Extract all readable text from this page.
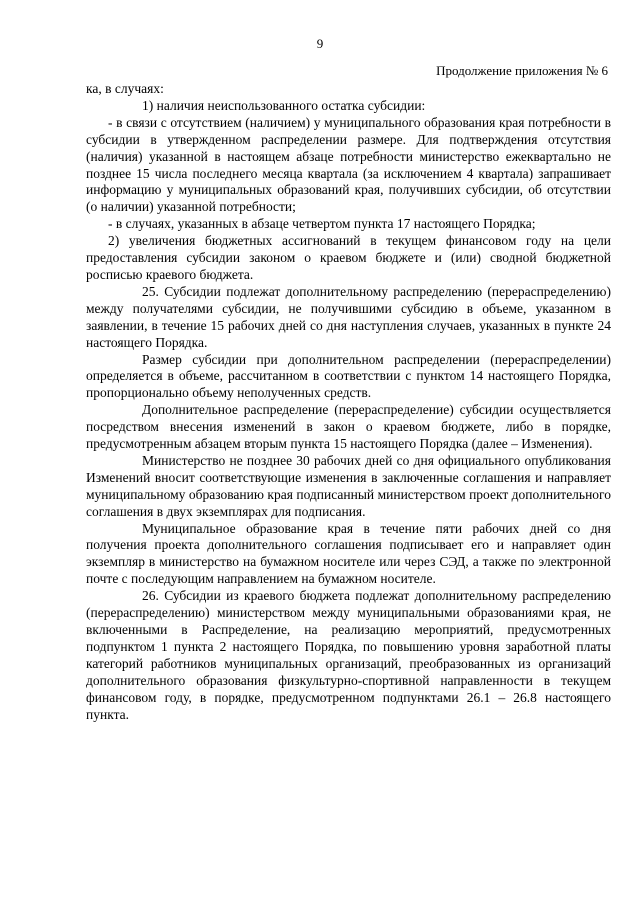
9
Продолжение приложения № 6

ка, в случаях:

1) наличия неиспользованного остатка субсидии:

- в связи с отсутствием (наличием) у муниципального образования края потребности в субсидии в утвержденном распределении размере. Для подтверждения отсутствия (наличия) указанной в настоящем абзаце потребности министерство ежеквартально не позднее 15 числа последнего месяца квартала (за исключением 4 квартала) запрашивает информацию у муниципальных образований края, получивших субсидии, об отсутствии (о наличии) указанной потребности;

- в случаях, указанных в абзаце четвертом пункта 17 настоящего Порядка;

2) увеличения бюджетных ассигнований в текущем финансовом году на цели предоставления субсидии законом о краевом бюджете и (или) сводной бюджетной росписью краевого бюджета.

25. Субсидии подлежат дополнительному распределению (перераспределению) между получателями субсидии, не получившими субсидию в объеме, указанном в заявлении, в течение 15 рабочих дней со дня наступления случаев, указанных в пункте 24 настоящего Порядка.

Размер субсидии при дополнительном распределении (перераспределении) определяется в объеме, рассчитанном в соответствии с пунктом 14 настоящего Порядка, пропорционально объему неполученных средств.

Дополнительное распределение (перераспределение) субсидии осуществляется посредством внесения изменений в закон о краевом бюджете, либо в порядке, предусмотренным абзацем вторым пункта 15 настоящего Порядка (далее – Изменения).

Министерство не позднее 30 рабочих дней со дня официального опубликования Изменений вносит соответствующие изменения в заключенные соглашения и направляет муниципальному образованию края подписанный министерством проект дополнительного соглашения в двух экземплярах для подписания.

Муниципальное образование края в течение пяти рабочих дней со дня получения проекта дополнительного соглашения подписывает его и направляет один экземпляр в министерство на бумажном носителе или через СЭД, а также по электронной почте с последующим направлением на бумажном носителе.

26. Субсидии из краевого бюджета подлежат дополнительному распределению (перераспределению) министерством между муниципальными образованиями края, не включенными в Распределение, на реализацию мероприятий, предусмотренных подпунктом 1 пункта 2 настоящего Порядка, по повышению уровня заработной платы категорий работников муниципальных организаций, преобразованных из организаций дополнительного образования физкультурно-спортивной направленности в текущем финансовом году, в порядке, предусмотренном подпунктами 26.1 – 26.8 настоящего пункта.
